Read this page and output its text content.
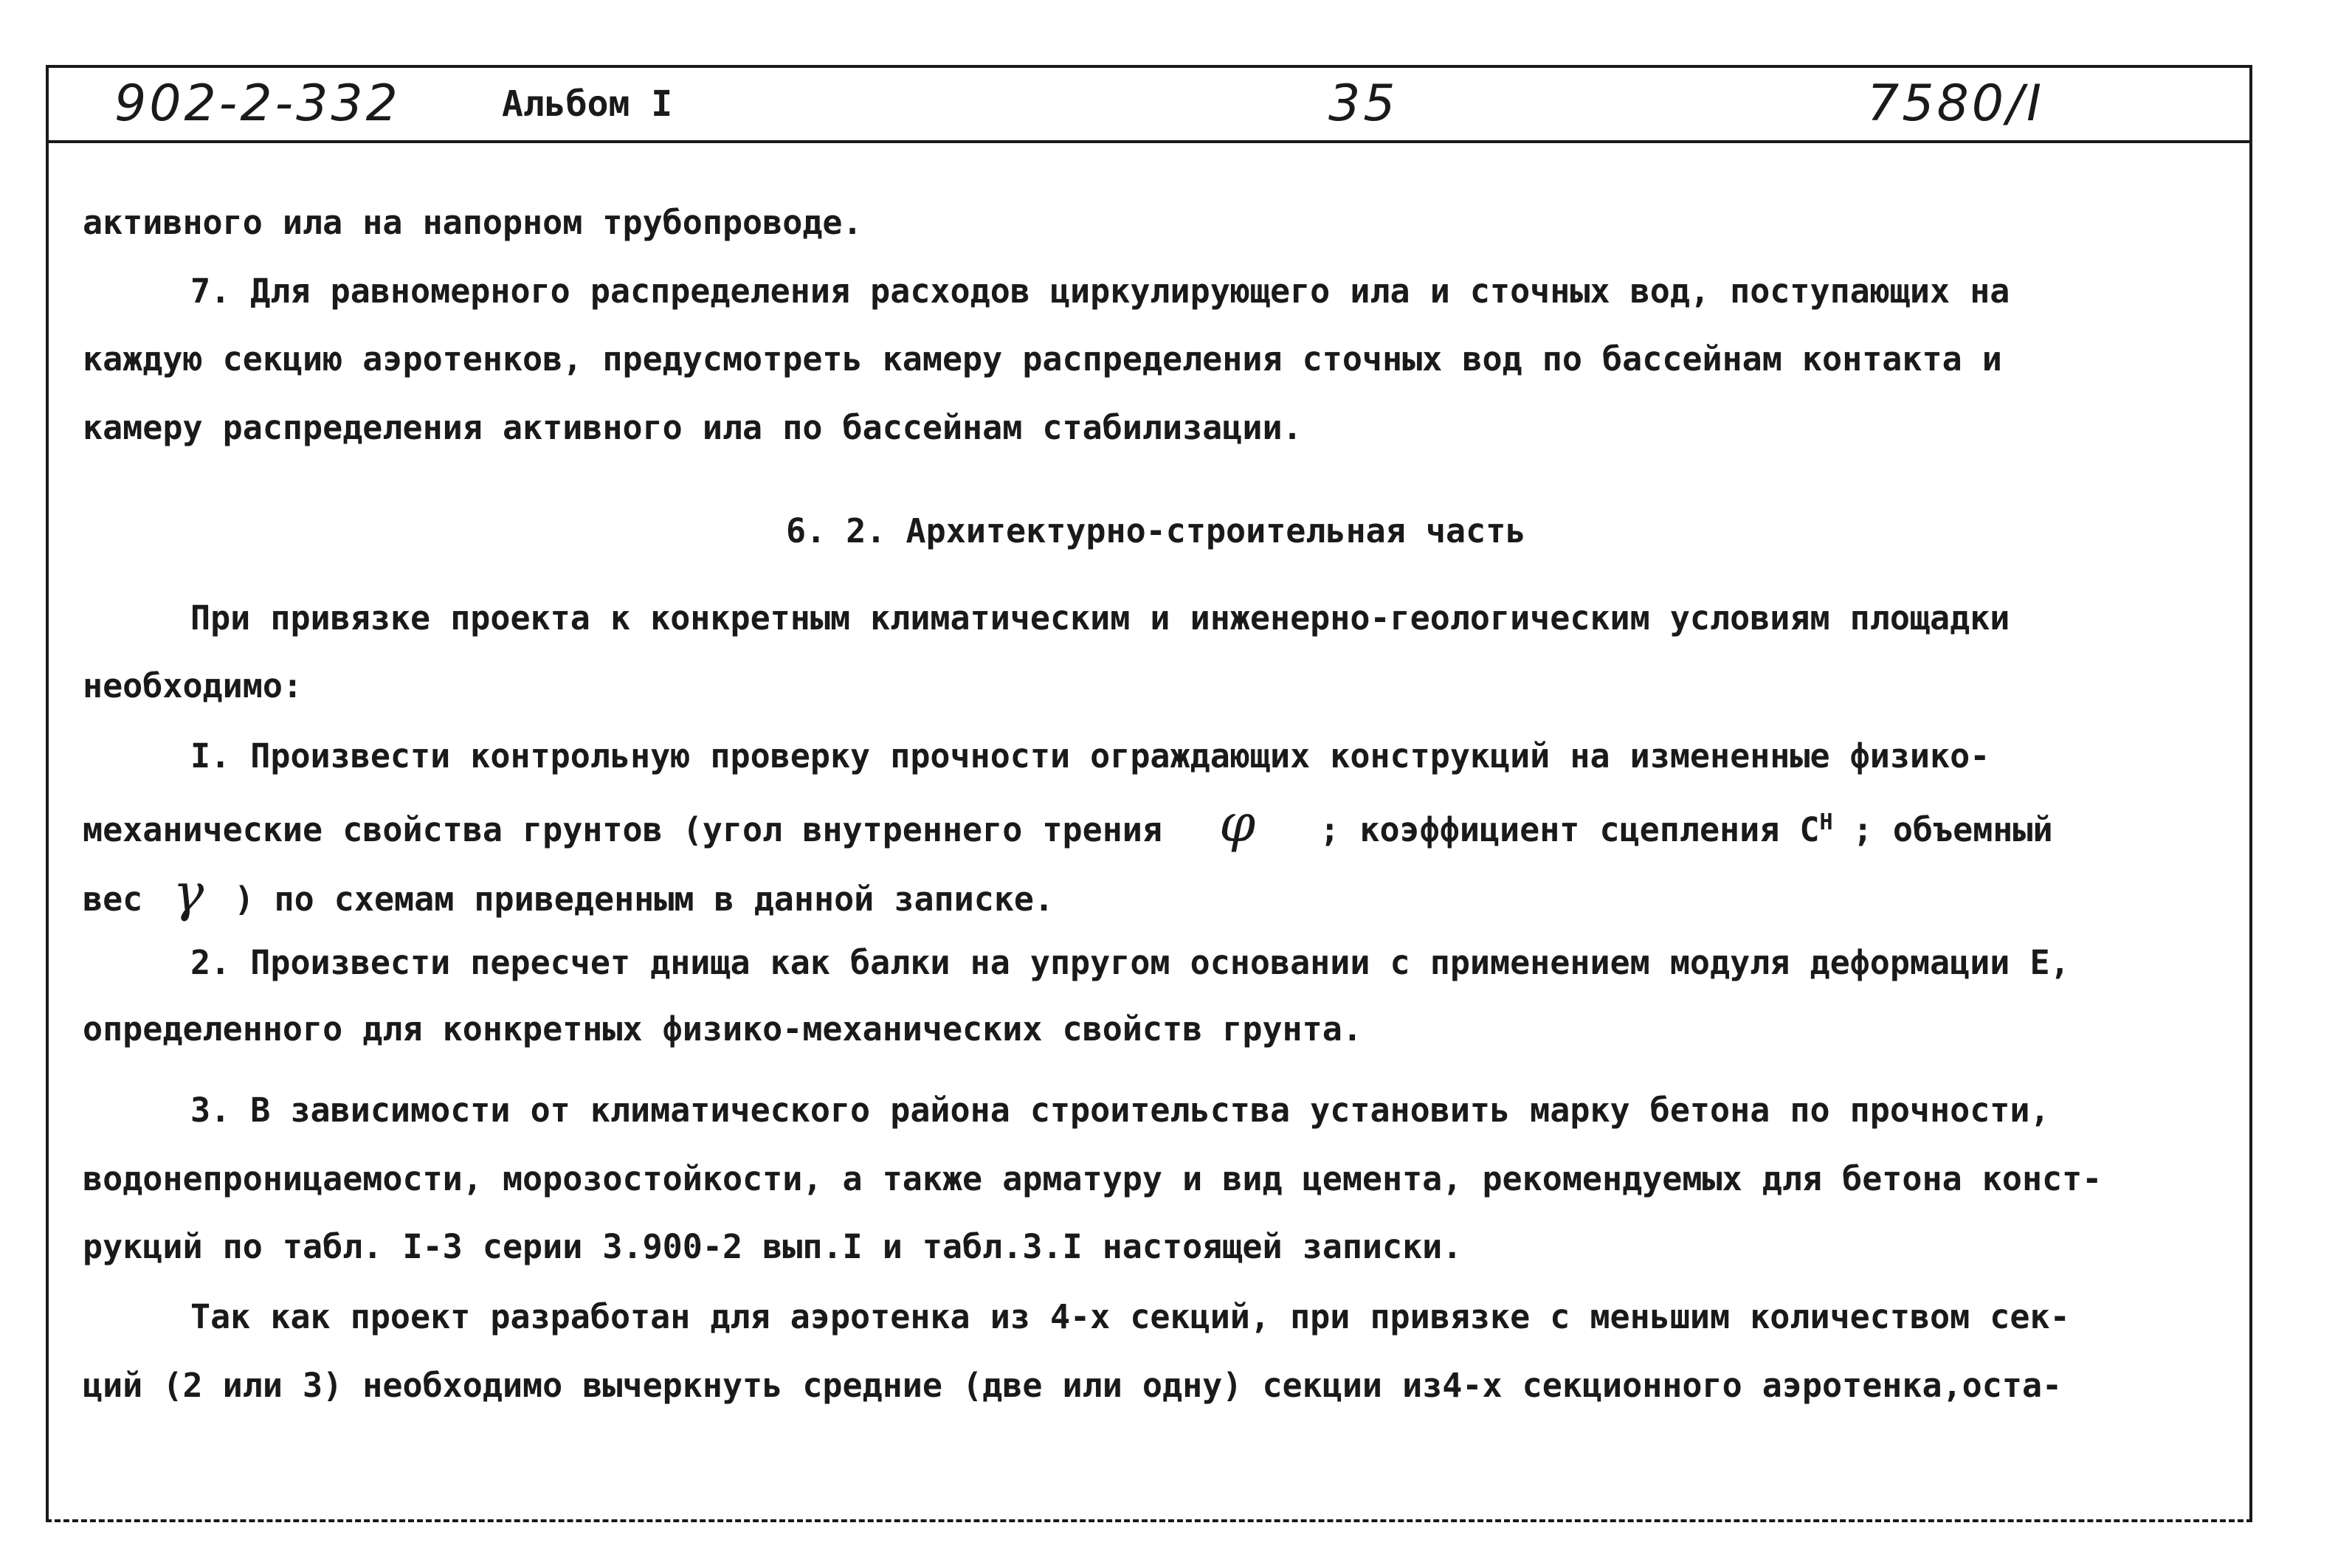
902-2-332	Альбом I	35	7580/I
активного ила на напорном трубопроводе.
7. Для равномерного распределения расходов циркулирующего ила и сточных вод, поступающих на
каждую секцию аэротенков, предусмотреть камеру распределения сточных вод по бассейнам контакта и
камеру распределения активного ила по бассейнам стабилизации.
6. 2. Архитектурно-строительная часть
При привязке проекта к конкретным климатическим и инженерно-геологическим условиям площадки
необходимо:
I. Произвести контрольную проверку прочности ограждающих конструкций на измененные физико-
механические свойства грунтов (угол внутреннего трения φ ; коэффициент сцепления $С^Н$ ; объемный
вес γ ) по схемам приведенным в данной записке.
2. Произвести пересчет днища как балки на упругом основании с применением модуля деформации Е,
определенного для конкретных физико-механических свойств грунта.
3. В зависимости от климатического района строительства установить марку бетона по прочности,
водонепроницаемости, морозостойкости, а также арматуру и вид цемента, рекомендуемых для бетона конст-
рукций по табл. I-3 серии 3.900-2 вып.I и табл.3.I настоящей записки.
Так как проект разработан для аэротенка из 4-х секций, при привязке с меньшим количеством сек-
ций (2 или 3) необходимо вычеркнуть средние (две или одну) секции из4-х секционного аэротенка,оста-
